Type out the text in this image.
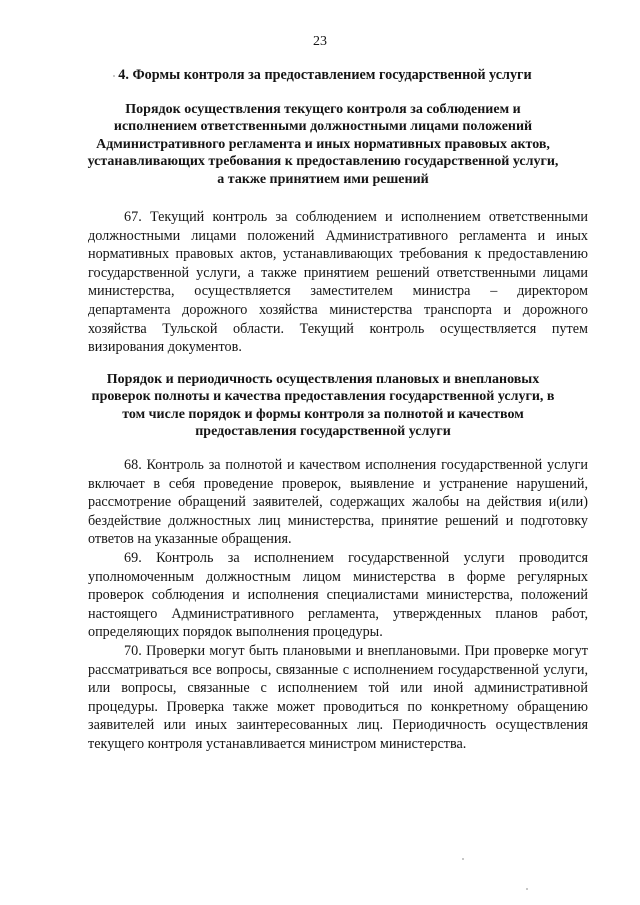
23
4. Формы контроля за предоставлением государственной услуги

Порядок осуществления текущего контроля за соблюдением и исполнением ответственными должностными лицами положений Административного регламента и иных нормативных правовых актов, устанавливающих требования к предоставлению государственной услуги, а также принятием ими решений

67. Текущий контроль за соблюдением и исполнением ответственными должностными лицами положений Административного регламента и иных нормативных правовых актов, устанавливающих требования к предоставлению государственной услуги, а также принятием решений ответственными лицами министерства, осуществляется заместителем министра – директором департамента дорожного хозяйства министерства транспорта и дорожного хозяйства Тульской области. Текущий контроль осуществляется путем визирования документов.

Порядок и периодичность осуществления плановых и внеплановых проверок полноты и качества предоставления государственной услуги, в том числе порядок и формы контроля за полнотой и качеством предоставления государственной услуги

68. Контроль за полнотой и качеством исполнения государственной услуги включает в себя проведение проверок, выявление и устранение нарушений, рассмотрение обращений заявителей, содержащих жалобы на действия и(или) бездействие должностных лиц министерства, принятие решений и подготовку ответов на указанные обращения.

69. Контроль за исполнением государственной услуги проводится уполномоченным должностным лицом министерства в форме регулярных проверок соблюдения и исполнения специалистами министерства, положений настоящего Административного регламента, утвержденных планов работ, определяющих порядок выполнения процедуры.

70. Проверки могут быть плановыми и внеплановыми. При проверке могут рассматриваться все вопросы, связанные с исполнением государственной услуги, или вопросы, связанные с исполнением той или иной административной процедуры. Проверка также может проводиться по конкретному обращению заявителей или иных заинтересованных лиц. Периодичность осуществления текущего контроля устанавливается министром министерства.
